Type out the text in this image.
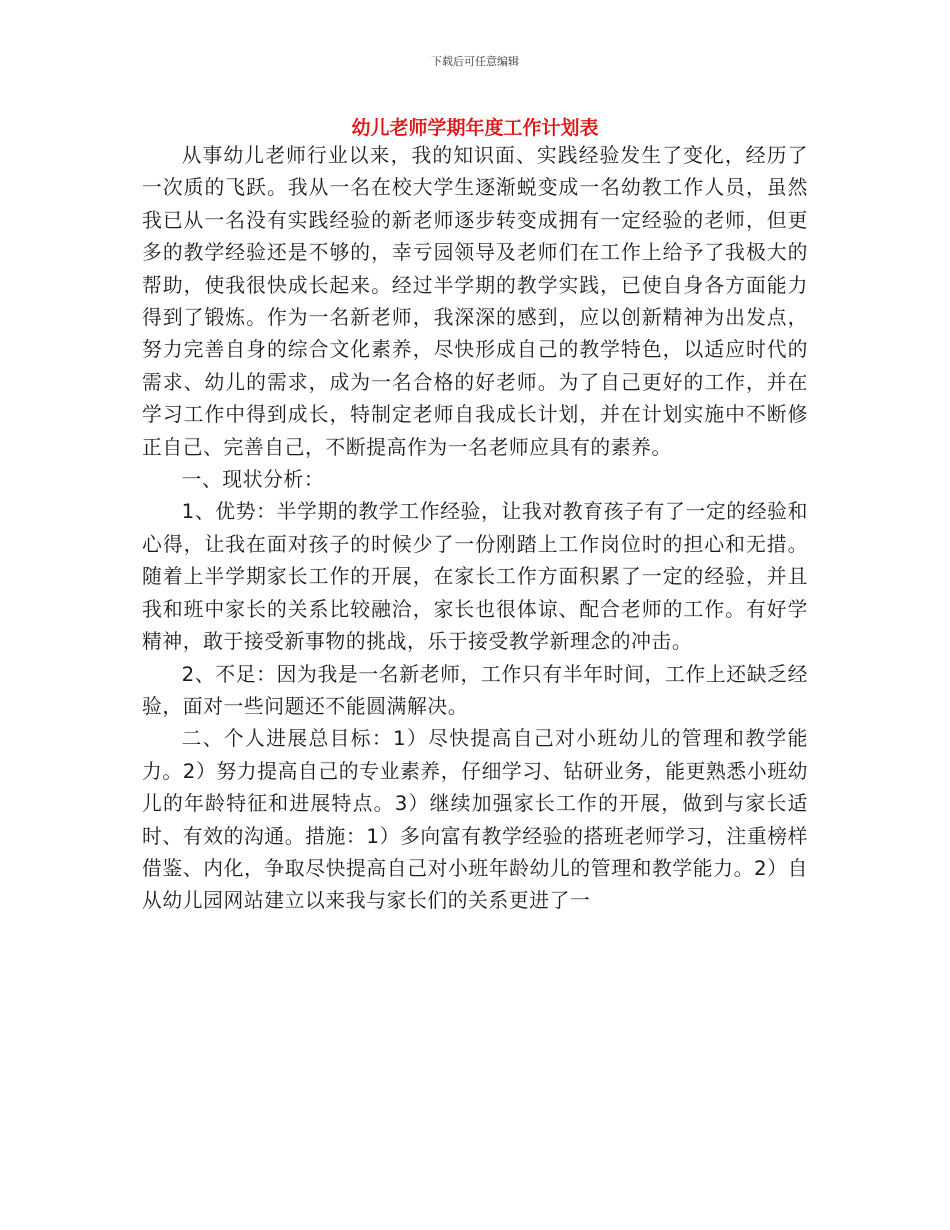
下载后可任意编辑
幼儿老师学期年度工作计划表

从事幼儿老师行业以来，我的知识面、实践经验发生了变化，经历了一次质的飞跃。我从一名在校大学生逐渐蜕变成一名幼教工作人员，虽然我已从一名没有实践经验的新老师逐步转变成拥有一定经验的老师，但更多的教学经验还是不够的，幸亏园领导及老师们在工作上给予了我极大的帮助，使我很快成长起来。经过半学期的教学实践，已使自身各方面能力得到了锻炼。作为一名新老师，我深深的感到，应以创新精神为出发点，努力完善自身的综合文化素养，尽快形成自己的教学特色，以适应时代的需求、幼儿的需求，成为一名合格的好老师。为了自己更好的工作，并在学习工作中得到成长，特制定老师自我成长计划，并在计划实施中不断修正自己、完善自己，不断提高作为一名老师应具有的素养。

一、现状分析：

1、优势：半学期的教学工作经验，让我对教育孩子有了一定的经验和心得，让我在面对孩子的时候少了一份刚踏上工作岗位时的担心和无措。随着上半学期家长工作的开展，在家长工作方面积累了一定的经验，并且我和班中家长的关系比较融洽，家长也很体谅、配合老师的工作。有好学精神，敢于接受新事物的挑战，乐于接受教学新理念的冲击。

2、不足：因为我是一名新老师，工作只有半年时间，工作上还缺乏经验，面对一些问题还不能圆满解决。

二、个人进展总目标：1）尽快提高自己对小班幼儿的管理和教学能力。2）努力提高自己的专业素养，仔细学习、钻研业务，能更熟悉小班幼儿的年龄特征和进展特点。3）继续加强家长工作的开展，做到与家长适时、有效的沟通。措施：1）多向富有教学经验的搭班老师学习，注重榜样借鉴、内化，争取尽快提高自己对小班年龄幼儿的管理和教学能力。2）自从幼儿园网站建立以来我与家长们的关系更进了一
